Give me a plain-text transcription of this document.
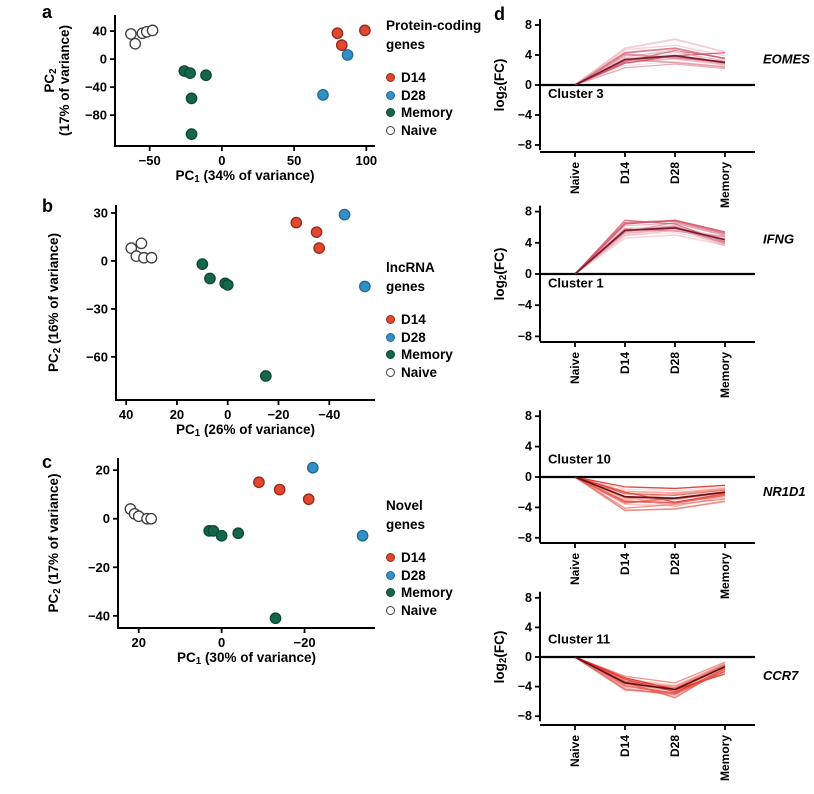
a
b
c
d
−50	0	50	100
40
0
−40
−80
PC1 (34% of variance)
PC2
(17% of variance)
40	20	0	−20 −40
30
0
−30
−60
PC1 (26% of variance)
PC2 (16% of variance)
20	0	−20
20
0
−20
−40
PC1 (30% of variance)
PC2 (17% of variance)
8
4
0
−4
−8
Naive	D14	D28	Memory
log2(FC)
Cluster 3
EOMES
8
4
0
−4
−8
Naive	D14	D28	Memory
log2(FC)
Cluster 1
IFNG
8
4
0
−4
−8
Naive	D14	D28	Memory
Cluster 10
NR1D1
8
4
0
−4
−8
Naive	D14	D28	Memory
log2(FC)	Cluster 11
CCR7
Protein-coding
genes
D14
D28
Memory
Naive
lncRNA
genes
D14
D28
Memory
Naive
Novel
genes
D14
D28
Memory
Naive
